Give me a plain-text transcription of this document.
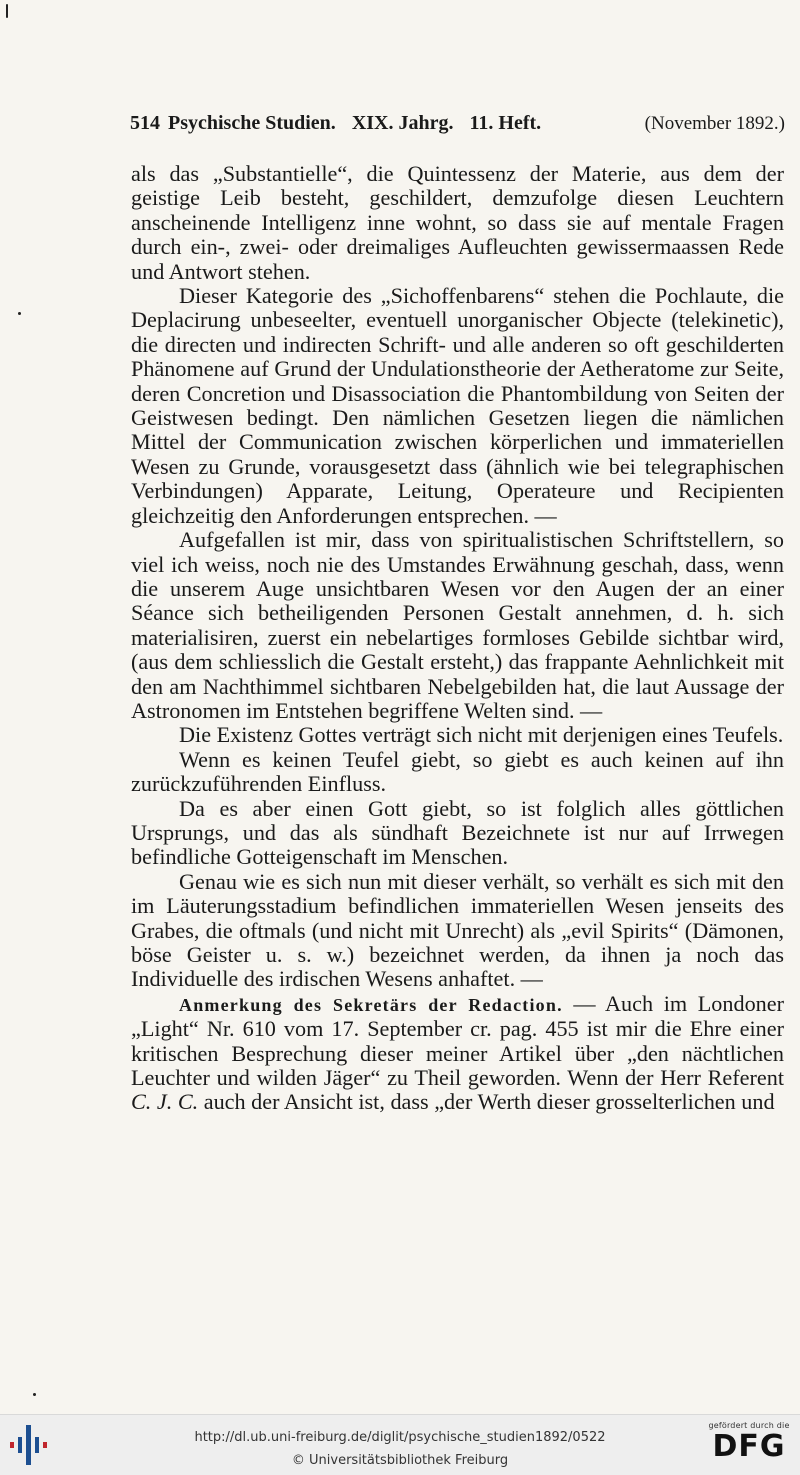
514 Psychische Studien. XIX. Jahrg. 11. Heft.	(November 1892.)

als das „Substantielle“, die Quintessenz der Materie, aus dem der geistige Leib besteht, geschildert, demzufolge diesen Leuchtern anscheinende Intelligenz inne wohnt, so dass sie auf mentale Fragen durch ein-, zwei- oder dreimaliges Aufleuchten gewissermaassen Rede und Antwort stehen.

Dieser Kategorie des „Sichoffenbarens“ stehen die Pochlaute, die Deplacirung unbeseelter, eventuell unorganischer Objecte (telekinetic), die directen und indirecten Schrift- und alle anderen so oft geschilderten Phänomene auf Grund der Undulationstheorie der Aetheratome zur Seite, deren Concretion und Disassociation die Phantombildung von Seiten der Geistwesen bedingt. Den nämlichen Gesetzen liegen die nämlichen Mittel der Communication zwischen körperlichen und immateriellen Wesen zu Grunde, vorausgesetzt dass (ähnlich wie bei telegraphischen Verbindungen) Apparate, Leitung, Operateure und Recipienten gleichzeitig den Anforderungen entsprechen. —

Aufgefallen ist mir, dass von spiritualistischen Schriftstellern, so viel ich weiss, noch nie des Umstandes Erwähnung geschah, dass, wenn die unserem Auge unsichtbaren Wesen vor den Augen der an einer Séance sich betheiligenden Personen Gestalt annehmen, d. h. sich materialisiren, zuerst ein nebelartiges formloses Gebilde sichtbar wird, (aus dem schliesslich die Gestalt ersteht,) das frappante Aehnlichkeit mit den am Nachthimmel sichtbaren Nebelgebilden hat, die laut Aussage der Astronomen im Entstehen begriffene Welten sind. —

Die Existenz Gottes verträgt sich nicht mit derjenigen eines Teufels.

Wenn es keinen Teufel giebt, so giebt es auch keinen auf ihn zurückzuführenden Einfluss.

Da es aber einen Gott giebt, so ist folglich alles göttlichen Ursprungs, und das als sündhaft Bezeichnete ist nur auf Irrwegen befindliche Gotteigenschaft im Menschen.

Genau wie es sich nun mit dieser verhält, so verhält es sich mit den im Läuterungsstadium befindlichen immateriellen Wesen jenseits des Grabes, die oftmals (und nicht mit Unrecht) als „evil Spirits“ (Dämonen, böse Geister u. s. w.) bezeichnet werden, da ihnen ja noch das Individuelle des irdischen Wesens anhaftet. —

Anmerkung des Sekretärs der Redaction. — Auch im Londoner „Light“ Nr. 610 vom 17. September cr. pag. 455 ist mir die Ehre einer kritischen Besprechung dieser meiner Artikel über „den nächtlichen Leuchter und wilden Jäger“ zu Theil geworden. Wenn der Herr Referent C. J. C. auch der Ansicht ist, dass „der Werth dieser grosselterlichen und

http://dl.ub.uni-freiburg.de/diglit/psychische_studien1892/0522
© Universitätsbibliothek Freiburg
gefördert durch die
DFG
